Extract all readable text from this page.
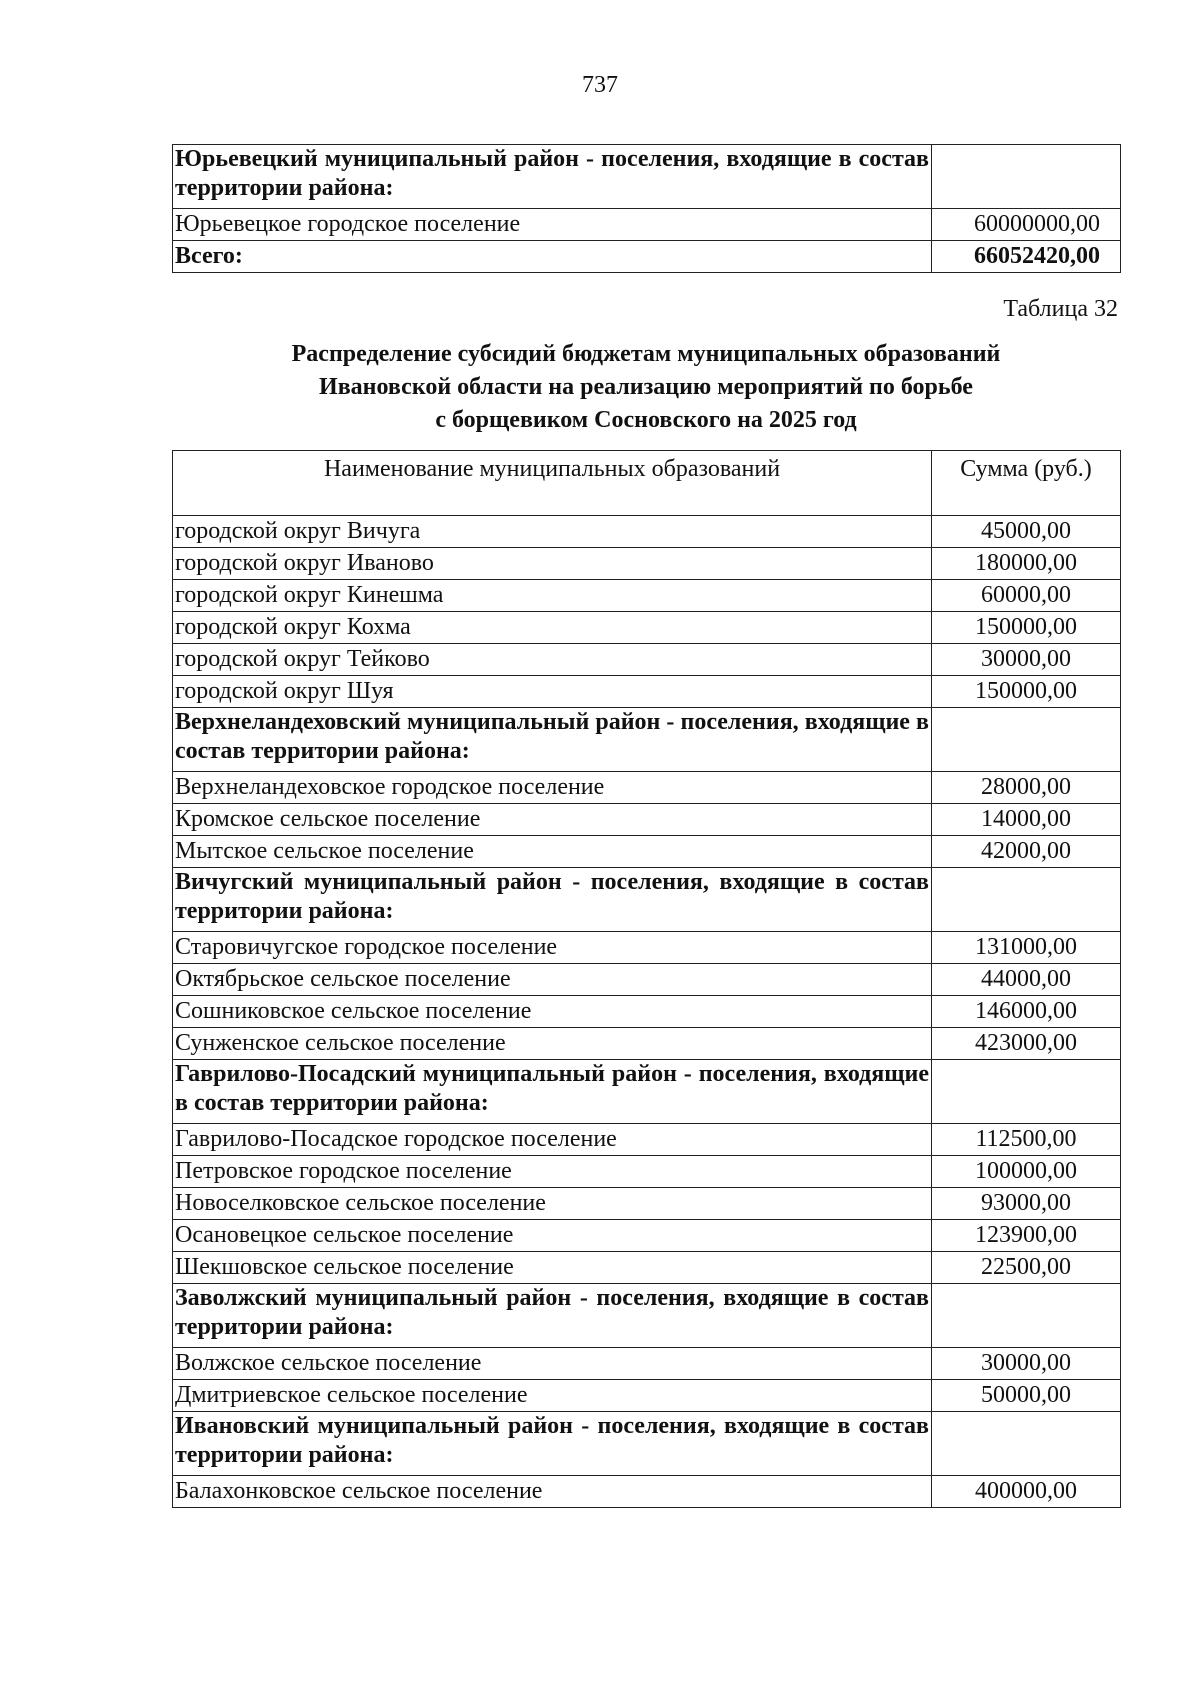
737
Юрьевецкий муниципальный район - поселения, входящие в состав территории района:	
Юрьевецкое городское поселение	60000000,00
Всего:	66052420,00
Таблица 32
Распределение субсидий бюджетам муниципальных образований
Ивановской области на реализацию мероприятий по борьбе
с борщевиком Сосновского на 2025 год
Наименование муниципальных образований	Сумма (руб.)
городской округ Вичуга	45000,00
городской округ Иваново	180000,00
городской округ Кинешма	60000,00
городской округ Кохма	150000,00
городской округ Тейково	30000,00
городской округ Шуя	150000,00
Верхнеландеховский муниципальный район - поселения, входящие в состав территории района:	
Верхнеландеховское городское поселение	28000,00
Кромское сельское поселение	14000,00
Мытское сельское поселение	42000,00
Вичугский муниципальный район - поселения, входящие в состав территории района:	
Старовичугское городское поселение	131000,00
Октябрьское сельское поселение	44000,00
Сошниковское сельское поселение	146000,00
Сунженское сельское поселение	423000,00
Гаврилово-Посадский муниципальный район - поселения, входящие в состав территории района:	
Гаврилово-Посадское городское поселение	112500,00
Петровское городское поселение	100000,00
Новоселковское сельское поселение	93000,00
Осановецкое сельское поселение	123900,00
Шекшовское сельское поселение	22500,00
Заволжский муниципальный район - поселения, входящие в состав территории района:	
Волжское сельское поселение	30000,00
Дмитриевское сельское поселение	50000,00
Ивановский муниципальный район - поселения, входящие в состав территории района:	
Балахонковское сельское поселение	400000,00
